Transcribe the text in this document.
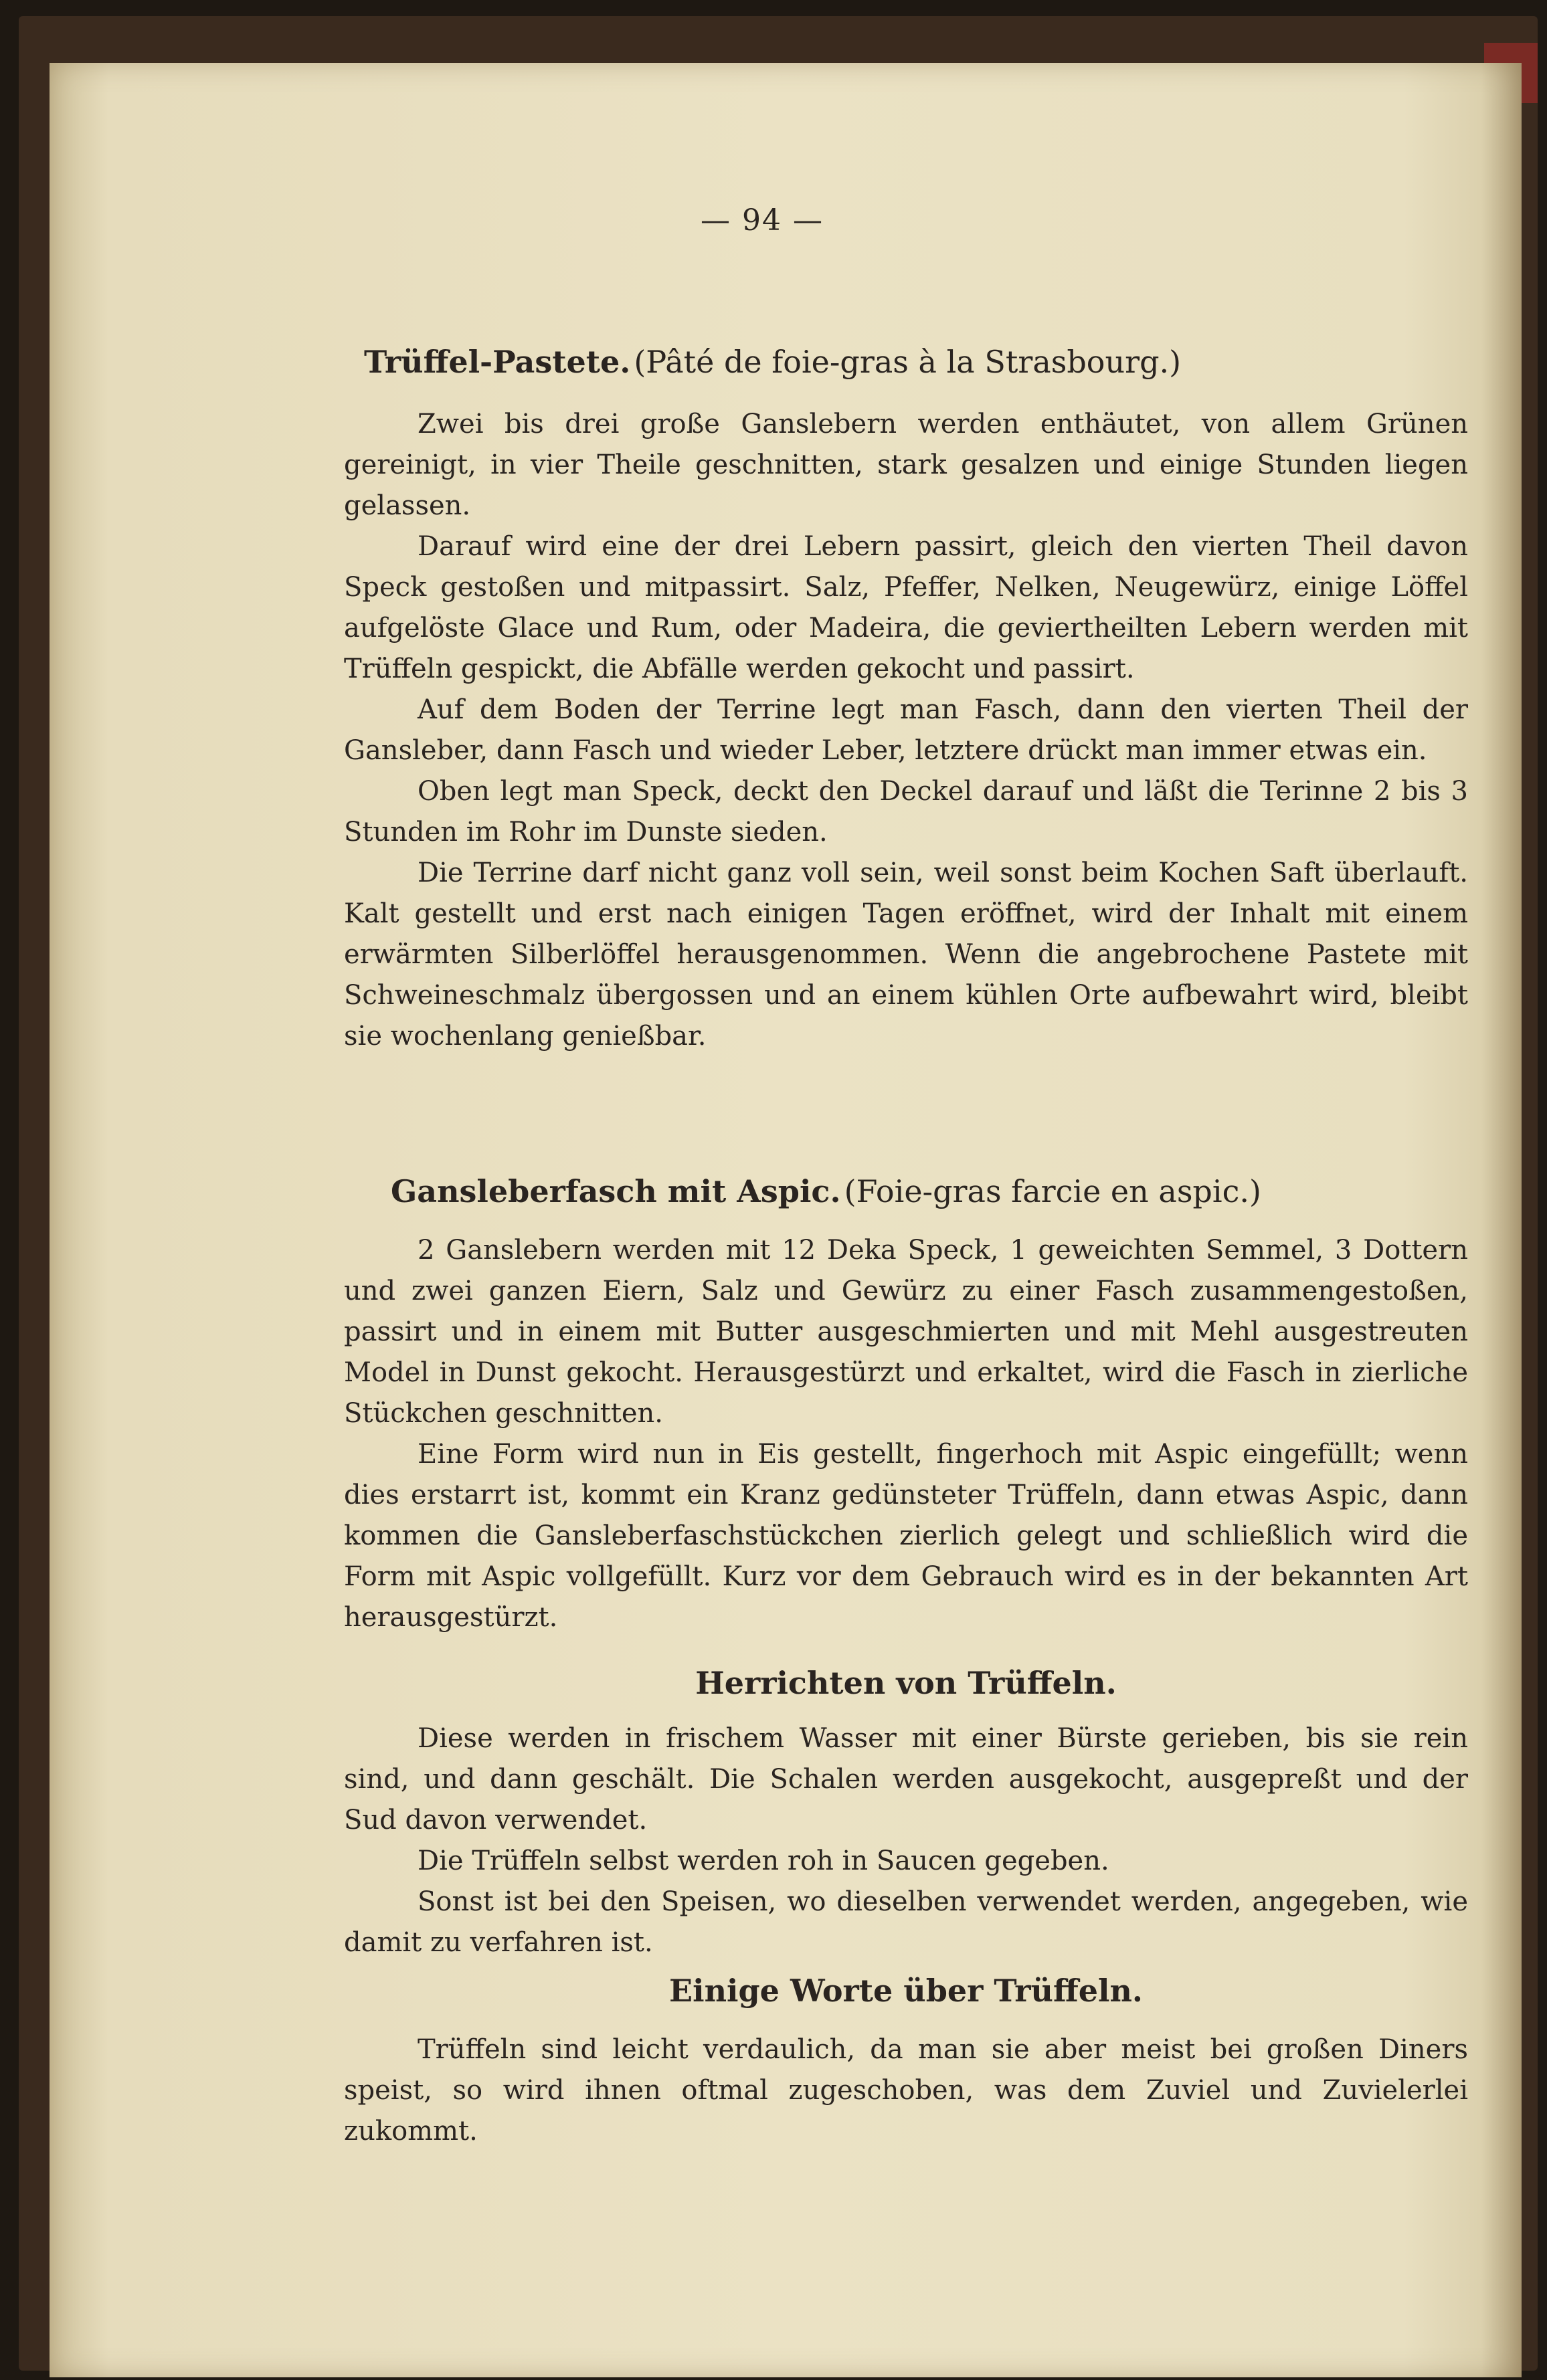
— 94 —
Trüffel-Pastete. (Pâté de foie-gras à la Strasbourg.)

Zwei bis drei große Ganslebern werden enthäutet, von allem Grünen gereinigt, in vier Theile geschnitten, stark gesalzen und einige Stunden liegen gelassen.

Darauf wird eine der drei Lebern passirt, gleich den vierten Theil davon Speck gestoßen und mitpassirt. Salz, Pfeffer, Nelken, Neugewürz, einige Löffel aufgelöste Glace und Rum, oder Madeira, die geviertheilten Lebern werden mit Trüffeln gespickt, die Abfälle werden gekocht und passirt.

Auf dem Boden der Terrine legt man Fasch, dann den vierten Theil der Gansleber, dann Fasch und wieder Leber, letztere drückt man immer etwas ein.

Oben legt man Speck, deckt den Deckel darauf und läßt die Terinne 2 bis 3 Stunden im Rohr im Dunste sieden.

Die Terrine darf nicht ganz voll sein, weil sonst beim Kochen Saft überlauft. Kalt gestellt und erst nach einigen Tagen eröffnet, wird der Inhalt mit einem erwärmten Silberlöffel herausgenommen. Wenn die angebrochene Pastete mit Schweineschmalz übergossen und an einem kühlen Orte aufbewahrt wird, bleibt sie wochenlang genießbar.

Gansleberfasch mit Aspic. (Foie-gras farcie en aspic.)

2 Ganslebern werden mit 12 Deka Speck, 1 geweichten Semmel, 3 Dottern und zwei ganzen Eiern, Salz und Gewürz zu einer Fasch zusammengestoßen, passirt und in einem mit Butter ausgeschmierten und mit Mehl ausgestreuten Model in Dunst gekocht. Herausgestürzt und erkaltet, wird die Fasch in zierliche Stückchen geschnitten.

Eine Form wird nun in Eis gestellt, fingerhoch mit Aspic eingefüllt; wenn dies erstarrt ist, kommt ein Kranz gedünsteter Trüffeln, dann etwas Aspic, dann kommen die Gansleberfaschstückchen zierlich gelegt und schließlich wird die Form mit Aspic vollgefüllt. Kurz vor dem Gebrauch wird es in der bekannten Art herausgestürzt.

Herrichten von Trüffeln.

Diese werden in frischem Wasser mit einer Bürste gerieben, bis sie rein sind, und dann geschält. Die Schalen werden ausgekocht, ausgepreßt und der Sud davon verwendet.

Die Trüffeln selbst werden roh in Saucen gegeben.

Sonst ist bei den Speisen, wo dieselben verwendet werden, angegeben, wie damit zu verfahren ist.

Einige Worte über Trüffeln.

Trüffeln sind leicht verdaulich, da man sie aber meist bei großen Diners speist, so wird ihnen oftmal zugeschoben, was dem Zuviel und Zuvielerlei zukommt.
